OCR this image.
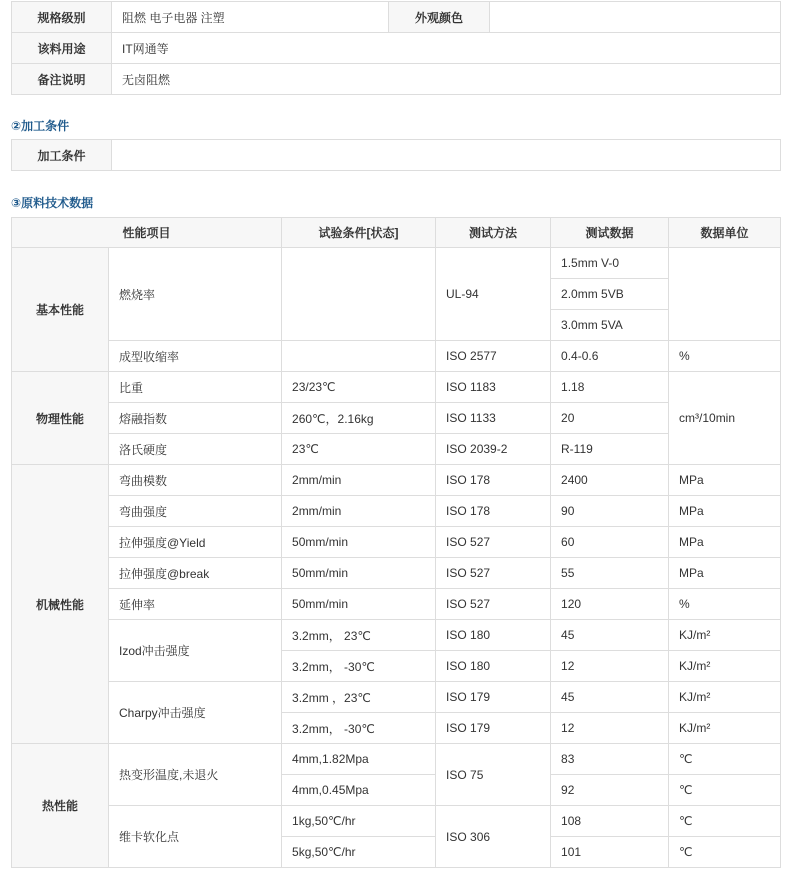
规格级别	阻燃 电子电器 注塑	外观颜色	
该料用途	IT网通等		
备注说明	无卤阻燃		
②加工条件
加工条件	
③原料技术数据
性能项目		试验条件[状态]	测试方法	测试数据	数据单位
基本性能	燃烧率		UL-94	1.5mm V-0	
				2.0mm 5VB	
				3.0mm 5VA	
	成型收缩率		ISO 2577	0.4-0.6	%
物理性能	比重	23/23℃	ISO 1183	1.18	cm³/10min
	熔融指数	260℃，2.16kg	ISO 1133	20	
	洛氏硬度	23℃	ISO 2039-2	R-119	
机械性能	弯曲模数	2mm/min	ISO 178	2400	MPa
	弯曲强度	2mm/min	ISO 178	90	MPa
	拉伸强度@Yield	50mm/min	ISO 527	60	MPa
	拉伸强度@break	50mm/min	ISO 527	55	MPa
	延伸率	50mm/min	ISO 527	120	%
	Izod冲击强度	3.2mm， 23℃	ISO 180	45	KJ/m²
		3.2mm， -30℃	ISO 180	12	KJ/m²
	Charpy冲击强度	3.2mm ，23℃	ISO 179	45	KJ/m²
		3.2mm， -30℃	ISO 179	12	KJ/m²
热性能	热变形温度,未退火	4mm,1.82Mpa	ISO 75	83	℃
		4mm,0.45Mpa		92	℃
	维卡软化点	1kg,50℃/hr	ISO 306	108	℃
		5kg,50℃/hr		101	℃
